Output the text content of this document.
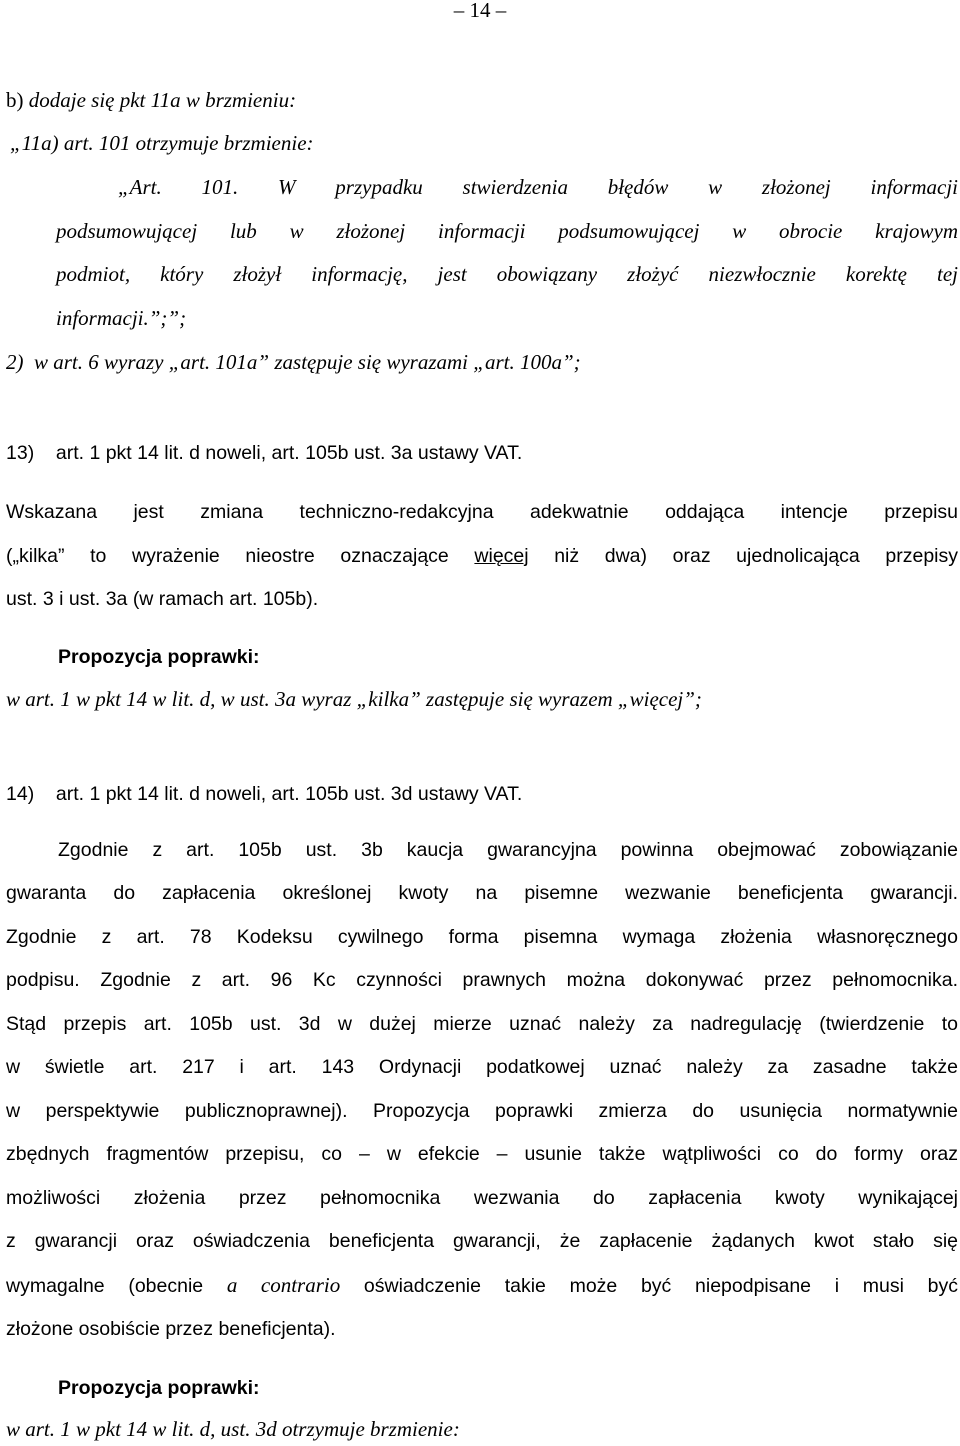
– 14 –
b) dodaje się pkt 11a w brzmieniu:
„11a) art. 101 otrzymuje brzmienie:
„Art. 101. W przypadku stwierdzenia błędów w złożonej informacji
podsumowującej lub w złożonej informacji podsumowującej w obrocie krajowym
podmiot, który złożył informację, jest obowiązany złożyć niezwłocznie korektę tej
informacji.”;”;
2)  w art. 6 wyrazy „art. 101a” zastępuje się wyrazami „art. 100a”;
13)    art. 1 pkt 14 lit. d noweli, art. 105b ust. 3a ustawy VAT.
Wskazana jest zmiana techniczno-redakcyjna adekwatnie oddająca intencje przepisu
(„kilka” to wyrażenie nieostre oznaczające więcej niż dwa) oraz ujednolicająca przepisy
ust. 3 i ust. 3a (w ramach art. 105b).
Propozycja poprawki:
w art. 1 w pkt 14 w lit. d, w ust. 3a wyraz „kilka” zastępuje się wyrazem „więcej”;
14)    art. 1 pkt 14 lit. d noweli, art. 105b ust. 3d ustawy VAT.
Zgodnie z art. 105b ust. 3b kaucja gwarancyjna powinna obejmować zobowiązanie
gwaranta do zapłacenia określonej kwoty na pisemne wezwanie beneficjenta gwarancji.
Zgodnie z art. 78 Kodeksu cywilnego forma pisemna wymaga złożenia własnoręcznego
podpisu. Zgodnie z art. 96 Kc czynności prawnych można dokonywać przez pełnomocnika.
Stąd przepis art. 105b ust. 3d w dużej mierze uznać należy za nadregulację (twierdzenie to
w świetle art. 217 i art. 143 Ordynacji podatkowej uznać należy za zasadne także
w perspektywie publicznoprawnej). Propozycja poprawki zmierza do usunięcia normatywnie
zbędnych fragmentów przepisu, co – w efekcie – usunie także wątpliwości co do formy oraz
możliwości złożenia przez pełnomocnika wezwania do zapłacenia kwoty wynikającej
z gwarancji oraz oświadczenia beneficjenta gwarancji, że zapłacenie żądanych kwot stało się
wymagalne (obecnie a contrario oświadczenie takie może być niepodpisane i musi być
złożone osobiście przez beneficjenta).
Propozycja poprawki:
w art. 1 w pkt 14 w lit. d, ust. 3d otrzymuje brzmienie:
